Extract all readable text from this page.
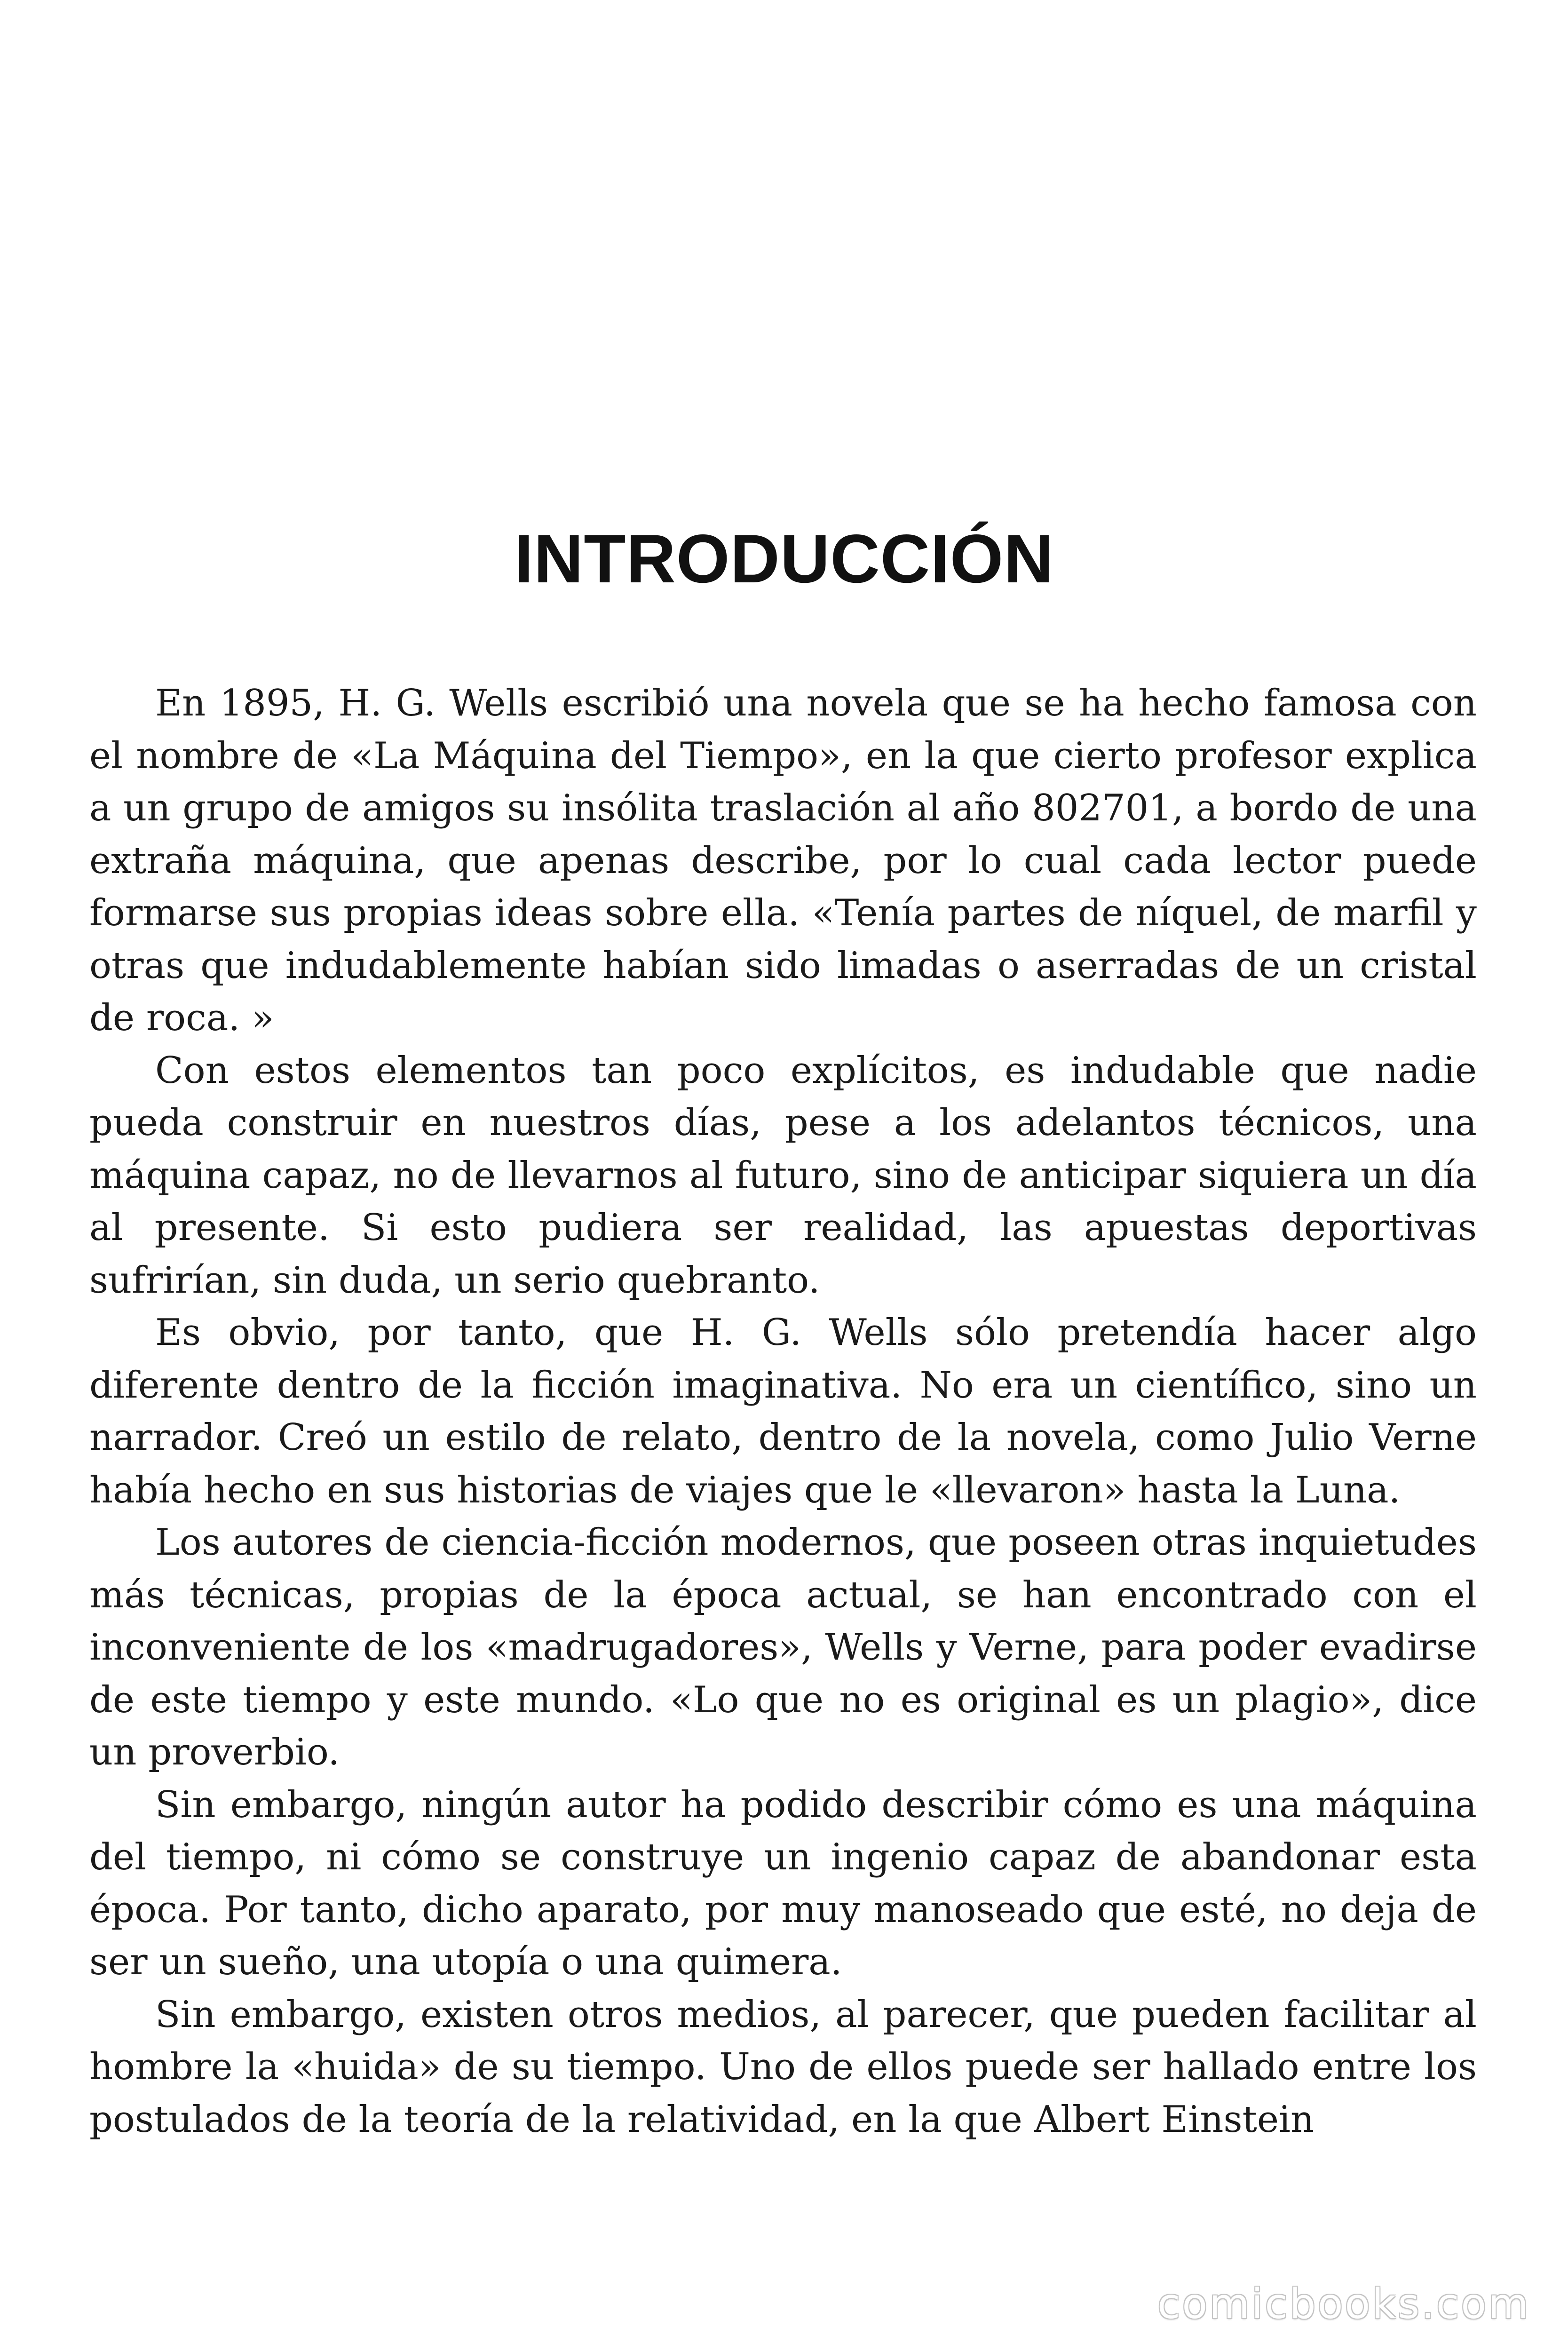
INTRODUCCIÓN

En 1895, H. G. Wells escribió una novela que se ha hecho famosa con el nombre de «La Máquina del Tiempo», en la que cierto profesor explica a un grupo de amigos su insólita traslación al año 802701, a bordo de una extraña máquina, que apenas describe, por lo cual cada lector puede formarse sus propias ideas sobre ella. «Tenía partes de níquel, de marfil y otras que indudablemente habían sido limadas o aserradas de un cristal de roca. »

Con estos elementos tan poco explícitos, es indudable que nadie pueda construir en nuestros días, pese a los adelantos técnicos, una máquina capaz, no de llevarnos al futuro, sino de anticipar siquiera un día al presente. Si esto pudiera ser realidad, las apuestas deportivas sufrirían, sin duda, un serio quebranto.

Es obvio, por tanto, que H. G. Wells sólo pretendía hacer algo diferente dentro de la ficción imaginativa. No era un científico, sino un narrador. Creó un estilo de relato, dentro de la novela, como Julio Verne había hecho en sus historias de viajes que le «llevaron» hasta la Luna.

Los autores de ciencia-ficción modernos, que poseen otras inquietudes más técnicas, propias de la época actual, se han encontrado con el inconveniente de los «madrugadores», Wells y Verne, para poder evadirse de este tiempo y este mundo. «Lo que no es original es un plagio», dice un proverbio.

Sin embargo, ningún autor ha podido describir cómo es una máquina del tiempo, ni cómo se construye un ingenio capaz de abandonar esta época. Por tanto, dicho aparato, por muy manoseado que esté, no deja de ser un sueño, una utopía o una quimera.

Sin embargo, existen otros medios, al parecer, que pueden facilitar al hombre la «huida» de su tiempo. Uno de ellos puede ser hallado entre los postulados de la teoría de la relatividad, en la que Albert Einstein

comicbooks.com
